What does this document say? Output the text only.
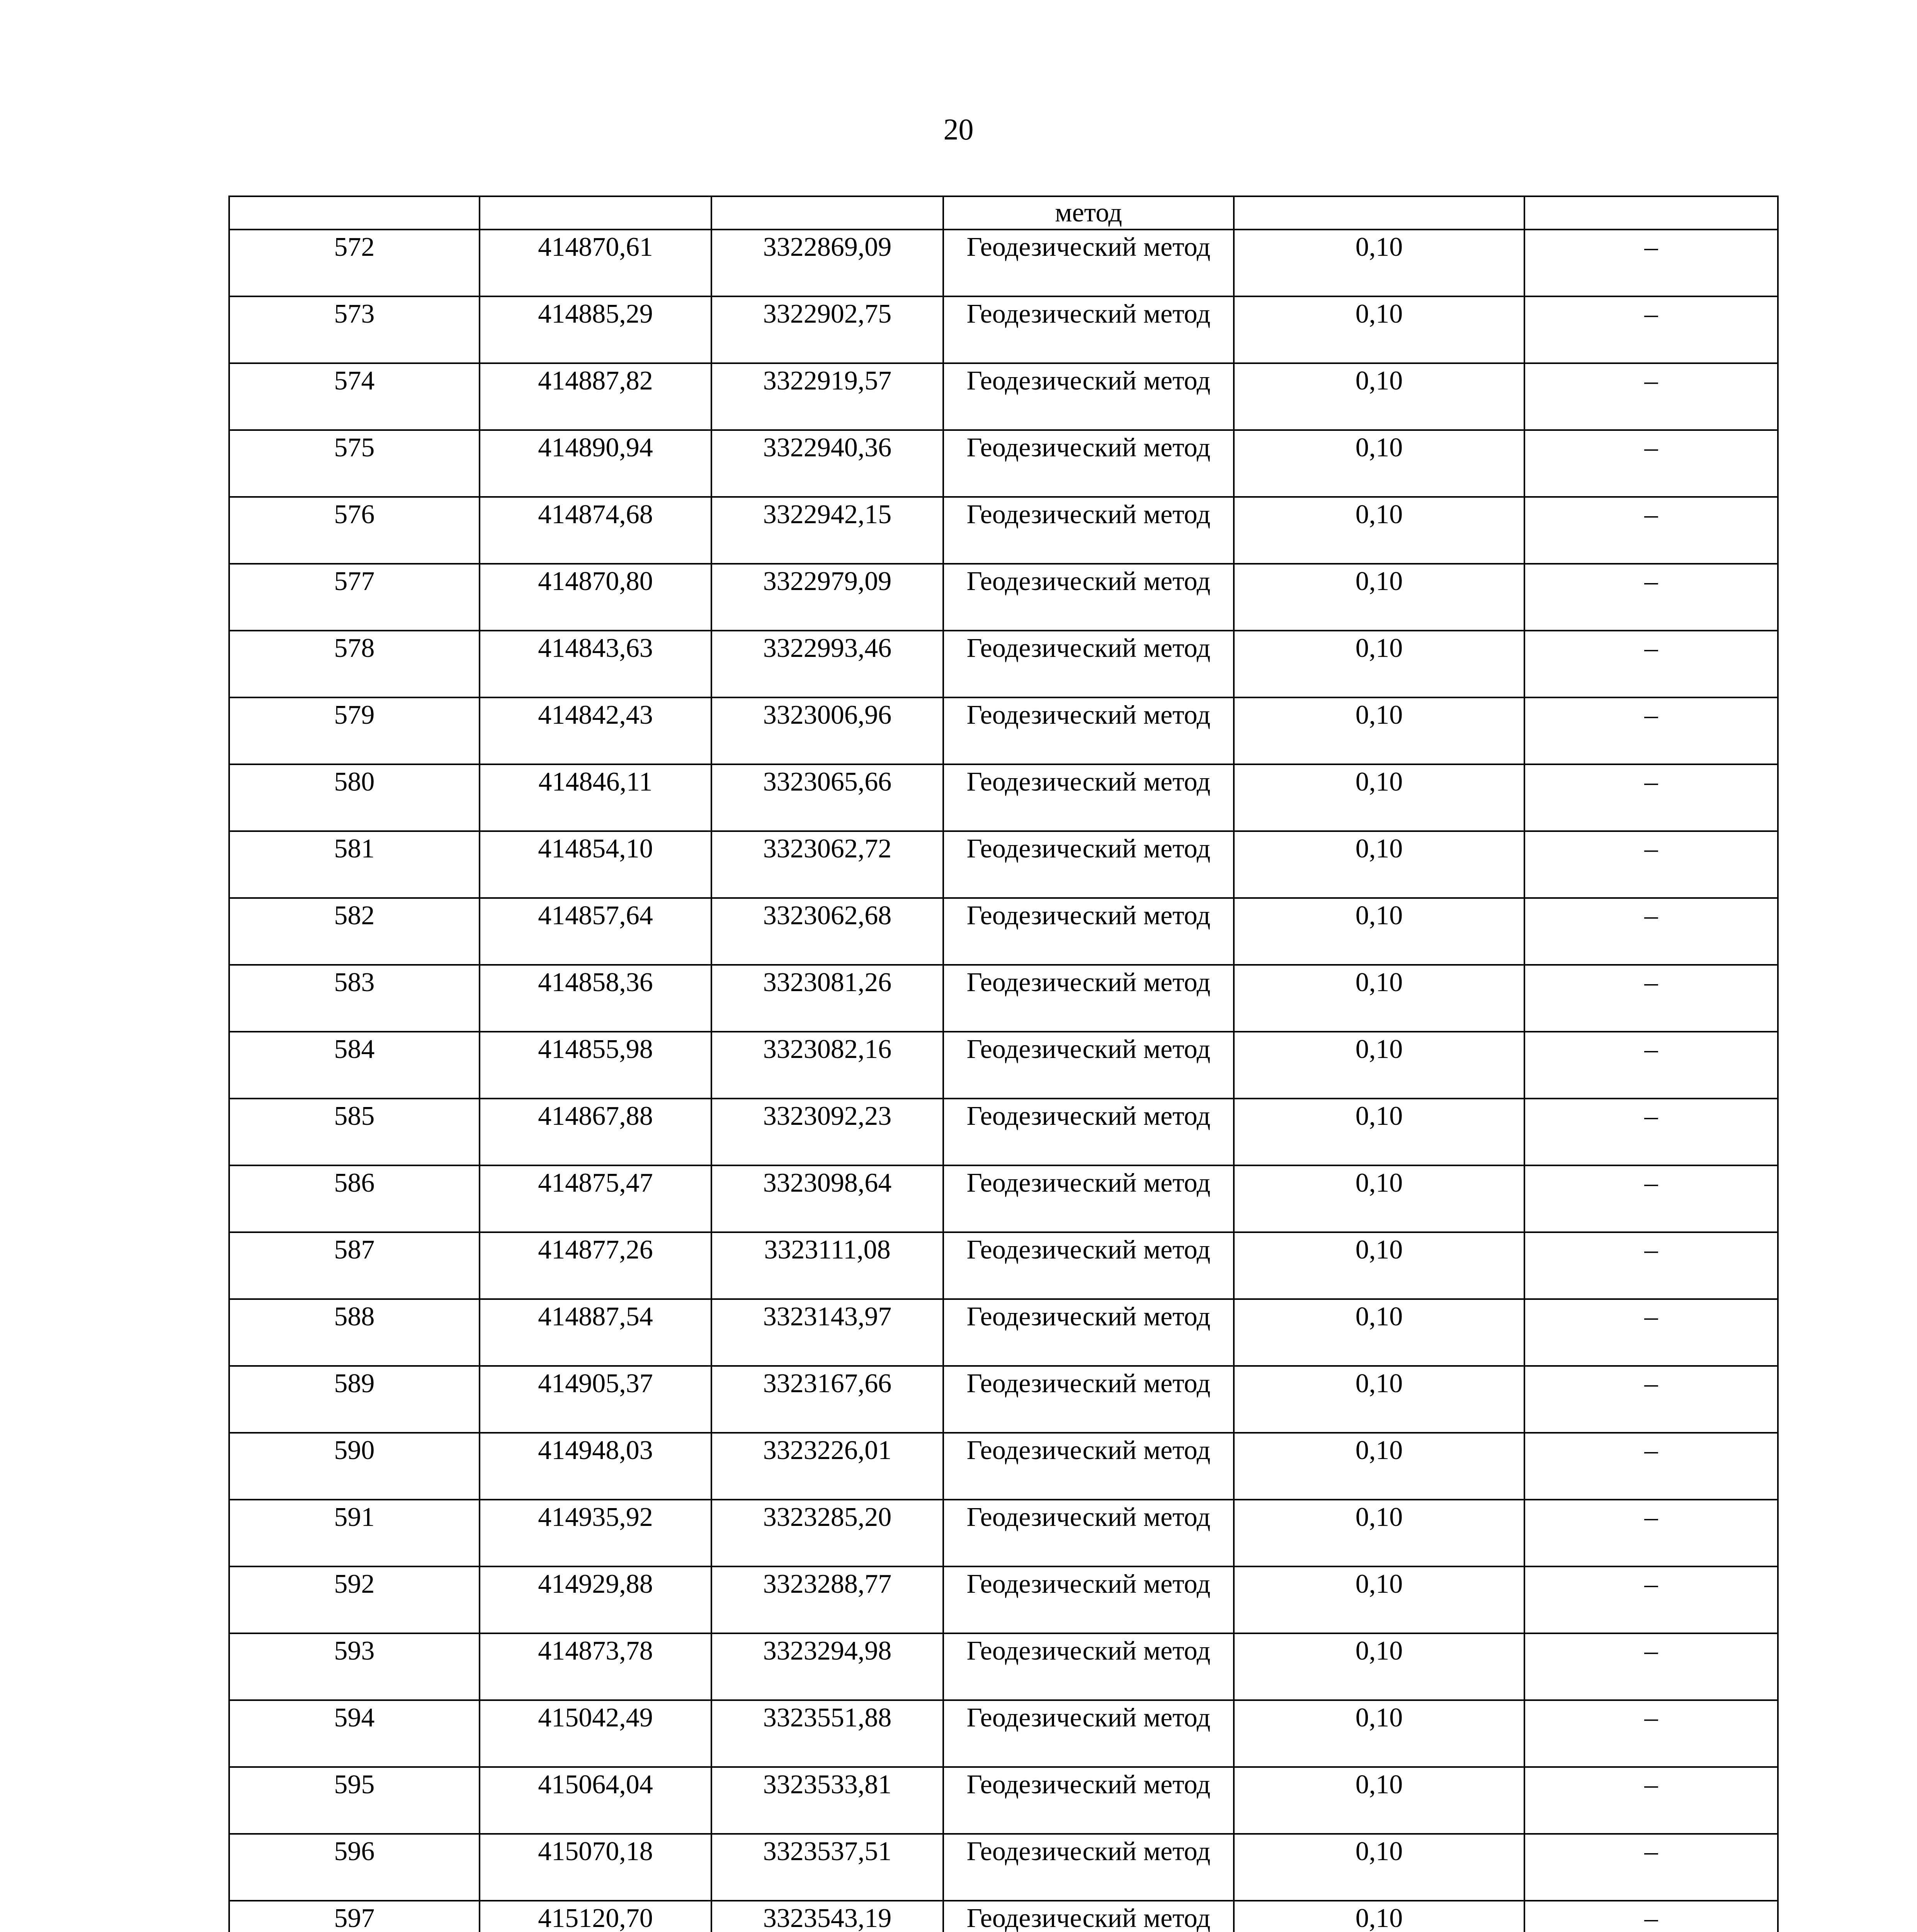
20
			метод		
572	414870,61	3322869,09	Геодезический метод	0,10	–
573	414885,29	3322902,75	Геодезический метод	0,10	–
574	414887,82	3322919,57	Геодезический метод	0,10	–
575	414890,94	3322940,36	Геодезический метод	0,10	–
576	414874,68	3322942,15	Геодезический метод	0,10	–
577	414870,80	3322979,09	Геодезический метод	0,10	–
578	414843,63	3322993,46	Геодезический метод	0,10	–
579	414842,43	3323006,96	Геодезический метод	0,10	–
580	414846,11	3323065,66	Геодезический метод	0,10	–
581	414854,10	3323062,72	Геодезический метод	0,10	–
582	414857,64	3323062,68	Геодезический метод	0,10	–
583	414858,36	3323081,26	Геодезический метод	0,10	–
584	414855,98	3323082,16	Геодезический метод	0,10	–
585	414867,88	3323092,23	Геодезический метод	0,10	–
586	414875,47	3323098,64	Геодезический метод	0,10	–
587	414877,26	3323111,08	Геодезический метод	0,10	–
588	414887,54	3323143,97	Геодезический метод	0,10	–
589	414905,37	3323167,66	Геодезический метод	0,10	–
590	414948,03	3323226,01	Геодезический метод	0,10	–
591	414935,92	3323285,20	Геодезический метод	0,10	–
592	414929,88	3323288,77	Геодезический метод	0,10	–
593	414873,78	3323294,98	Геодезический метод	0,10	–
594	415042,49	3323551,88	Геодезический метод	0,10	–
595	415064,04	3323533,81	Геодезический метод	0,10	–
596	415070,18	3323537,51	Геодезический метод	0,10	–
597	415120,70	3323543,19	Геодезический метод	0,10	–
